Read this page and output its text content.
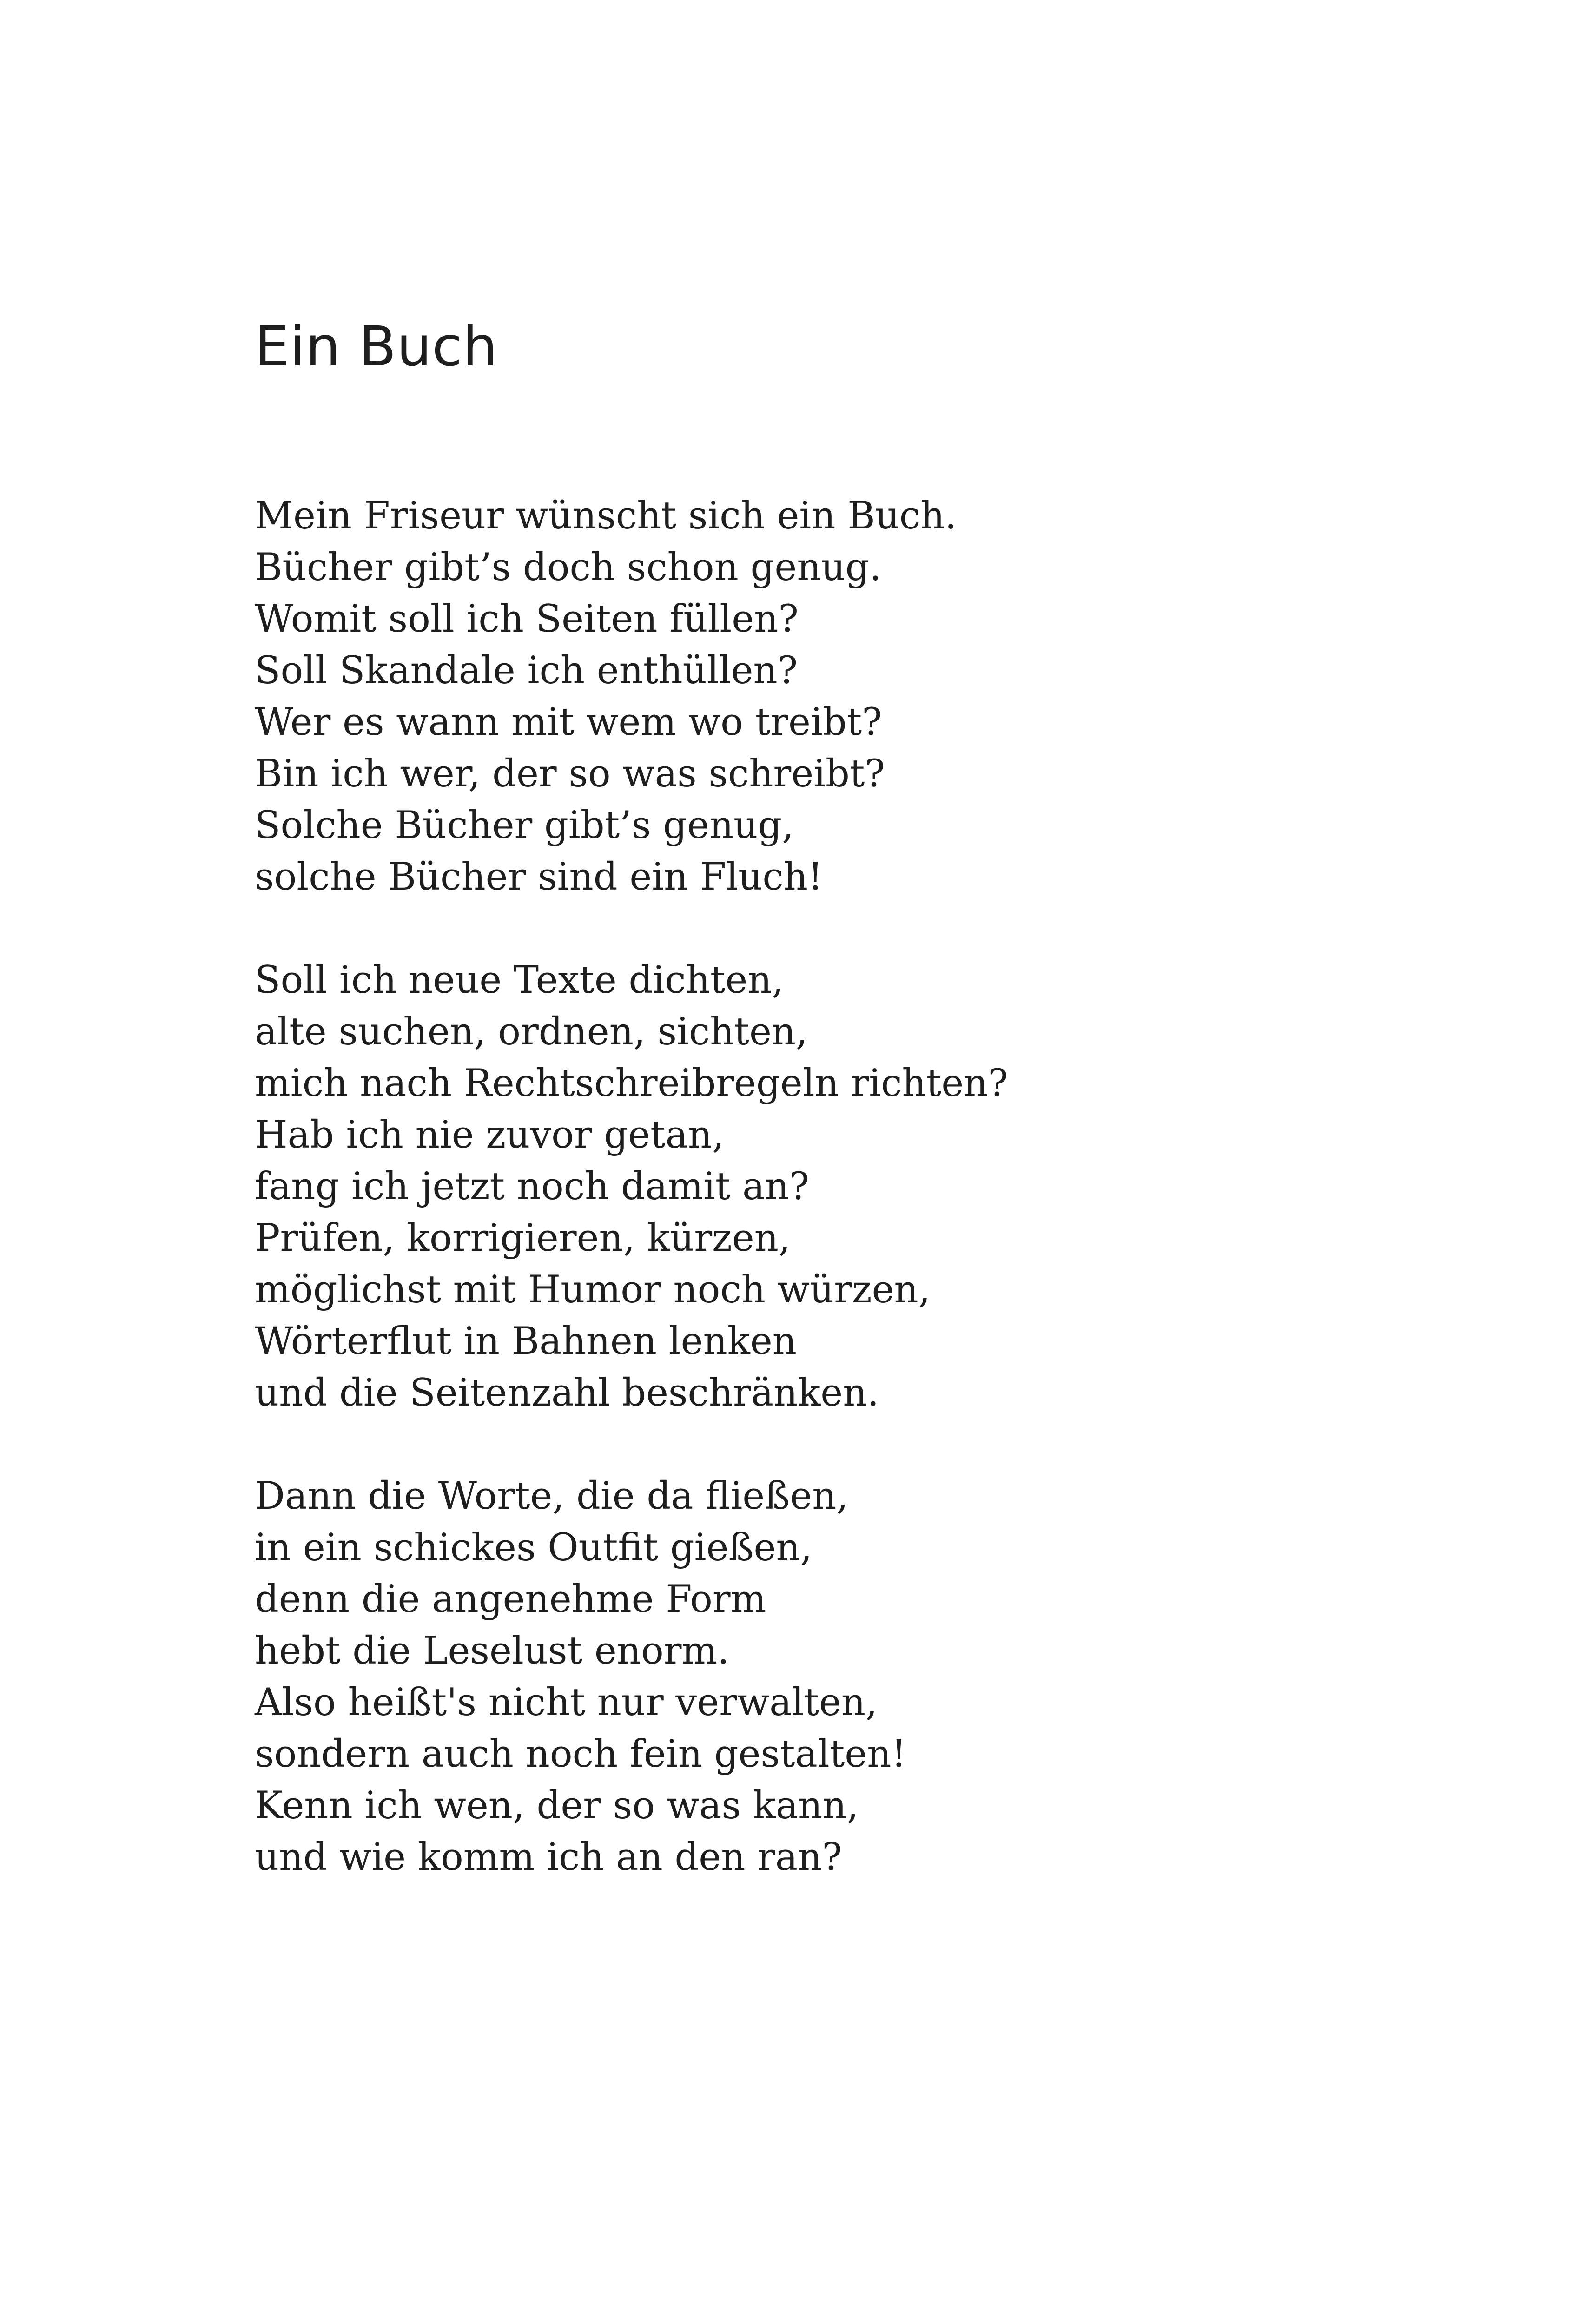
Ein Buch
Mein Friseur wünscht sich ein Buch.
Bücher gibt’s doch schon genug.
Womit soll ich Seiten füllen?
Soll Skandale ich enthüllen?
Wer es wann mit wem wo treibt?
Bin ich wer, der so was schreibt?
Solche Bücher gibt’s genug,
solche Bücher sind ein Fluch!
Soll ich neue Texte dichten,
alte suchen, ordnen, sichten,
mich nach Rechtschreibregeln richten?
Hab ich nie zuvor getan,
fang ich jetzt noch damit an?
Prüfen, korrigieren, kürzen,
möglichst mit Humor noch würzen,
Wörterflut in Bahnen lenken
und die Seitenzahl beschränken.
Dann die Worte, die da fließen,
in ein schickes Outfit gießen,
denn die angenehme Form
hebt die Leselust enorm.
Also heißt's nicht nur verwalten,
sondern auch noch fein gestalten!
Kenn ich wen, der so was kann,
und wie komm ich an den ran?
